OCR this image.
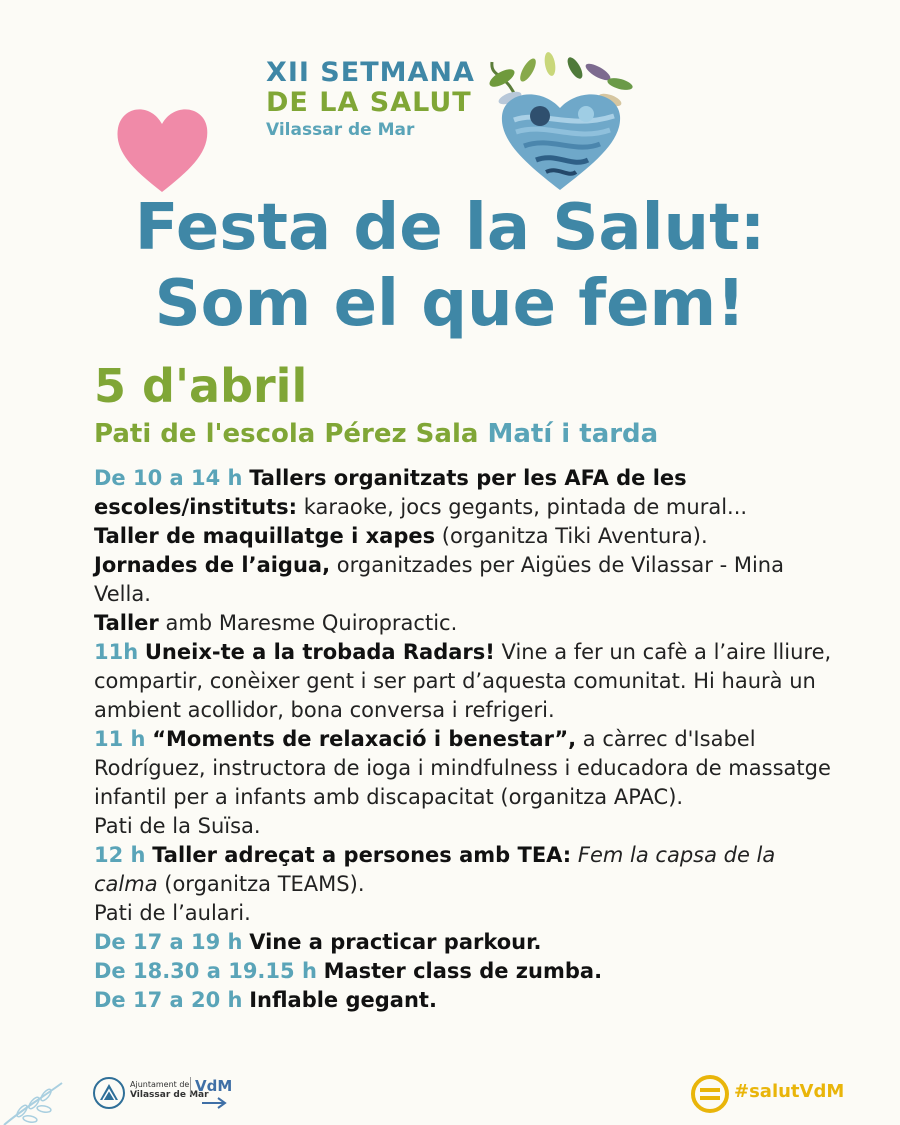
XII SETMANA

DE LA SALUT

Vilassar de Mar

Festa de la Salut:
Som el que fem!
5 d'abril
Pati de l'escola Pérez Sala Matí i tarda

De 10 a 14 h Tallers organitzats per les AFA de les escoles/instituts: karaoke, jocs gegants, pintada de mural...

Taller de maquillatge i xapes (organitza Tiki Aventura).

Jornades de l’aigua, organitzades per Aigües de Vilassar - Mina Vella.

Taller amb Maresme Quiropractic.

11h Uneix-te a la trobada Radars! Vine a fer un cafè a l’aire lliure, compartir, conèixer gent i ser part d’aquesta comunitat. Hi haurà un ambient acollidor, bona conversa i refrigeri.

11 h “Moments de relaxació i benestar”, a càrrec d'Isabel Rodríguez, instructora de ioga i mindfulness i educadora de massatge infantil per a infants amb discapacitat (organitza APAC).

Pati de la Suïsa.

12 h Taller adreçat a persones amb TEA: Fem la capsa de la calma (organitza TEAMS).

Pati de l’aulari.

De 17 a 19 h Vine a practicar parkour.

De 18.30 a 19.15 h Master class de zumba.

De 17 a 20 h Inflable gegant.

Ajuntament de
Vilassar de Mar
VdM	#salutVdM
